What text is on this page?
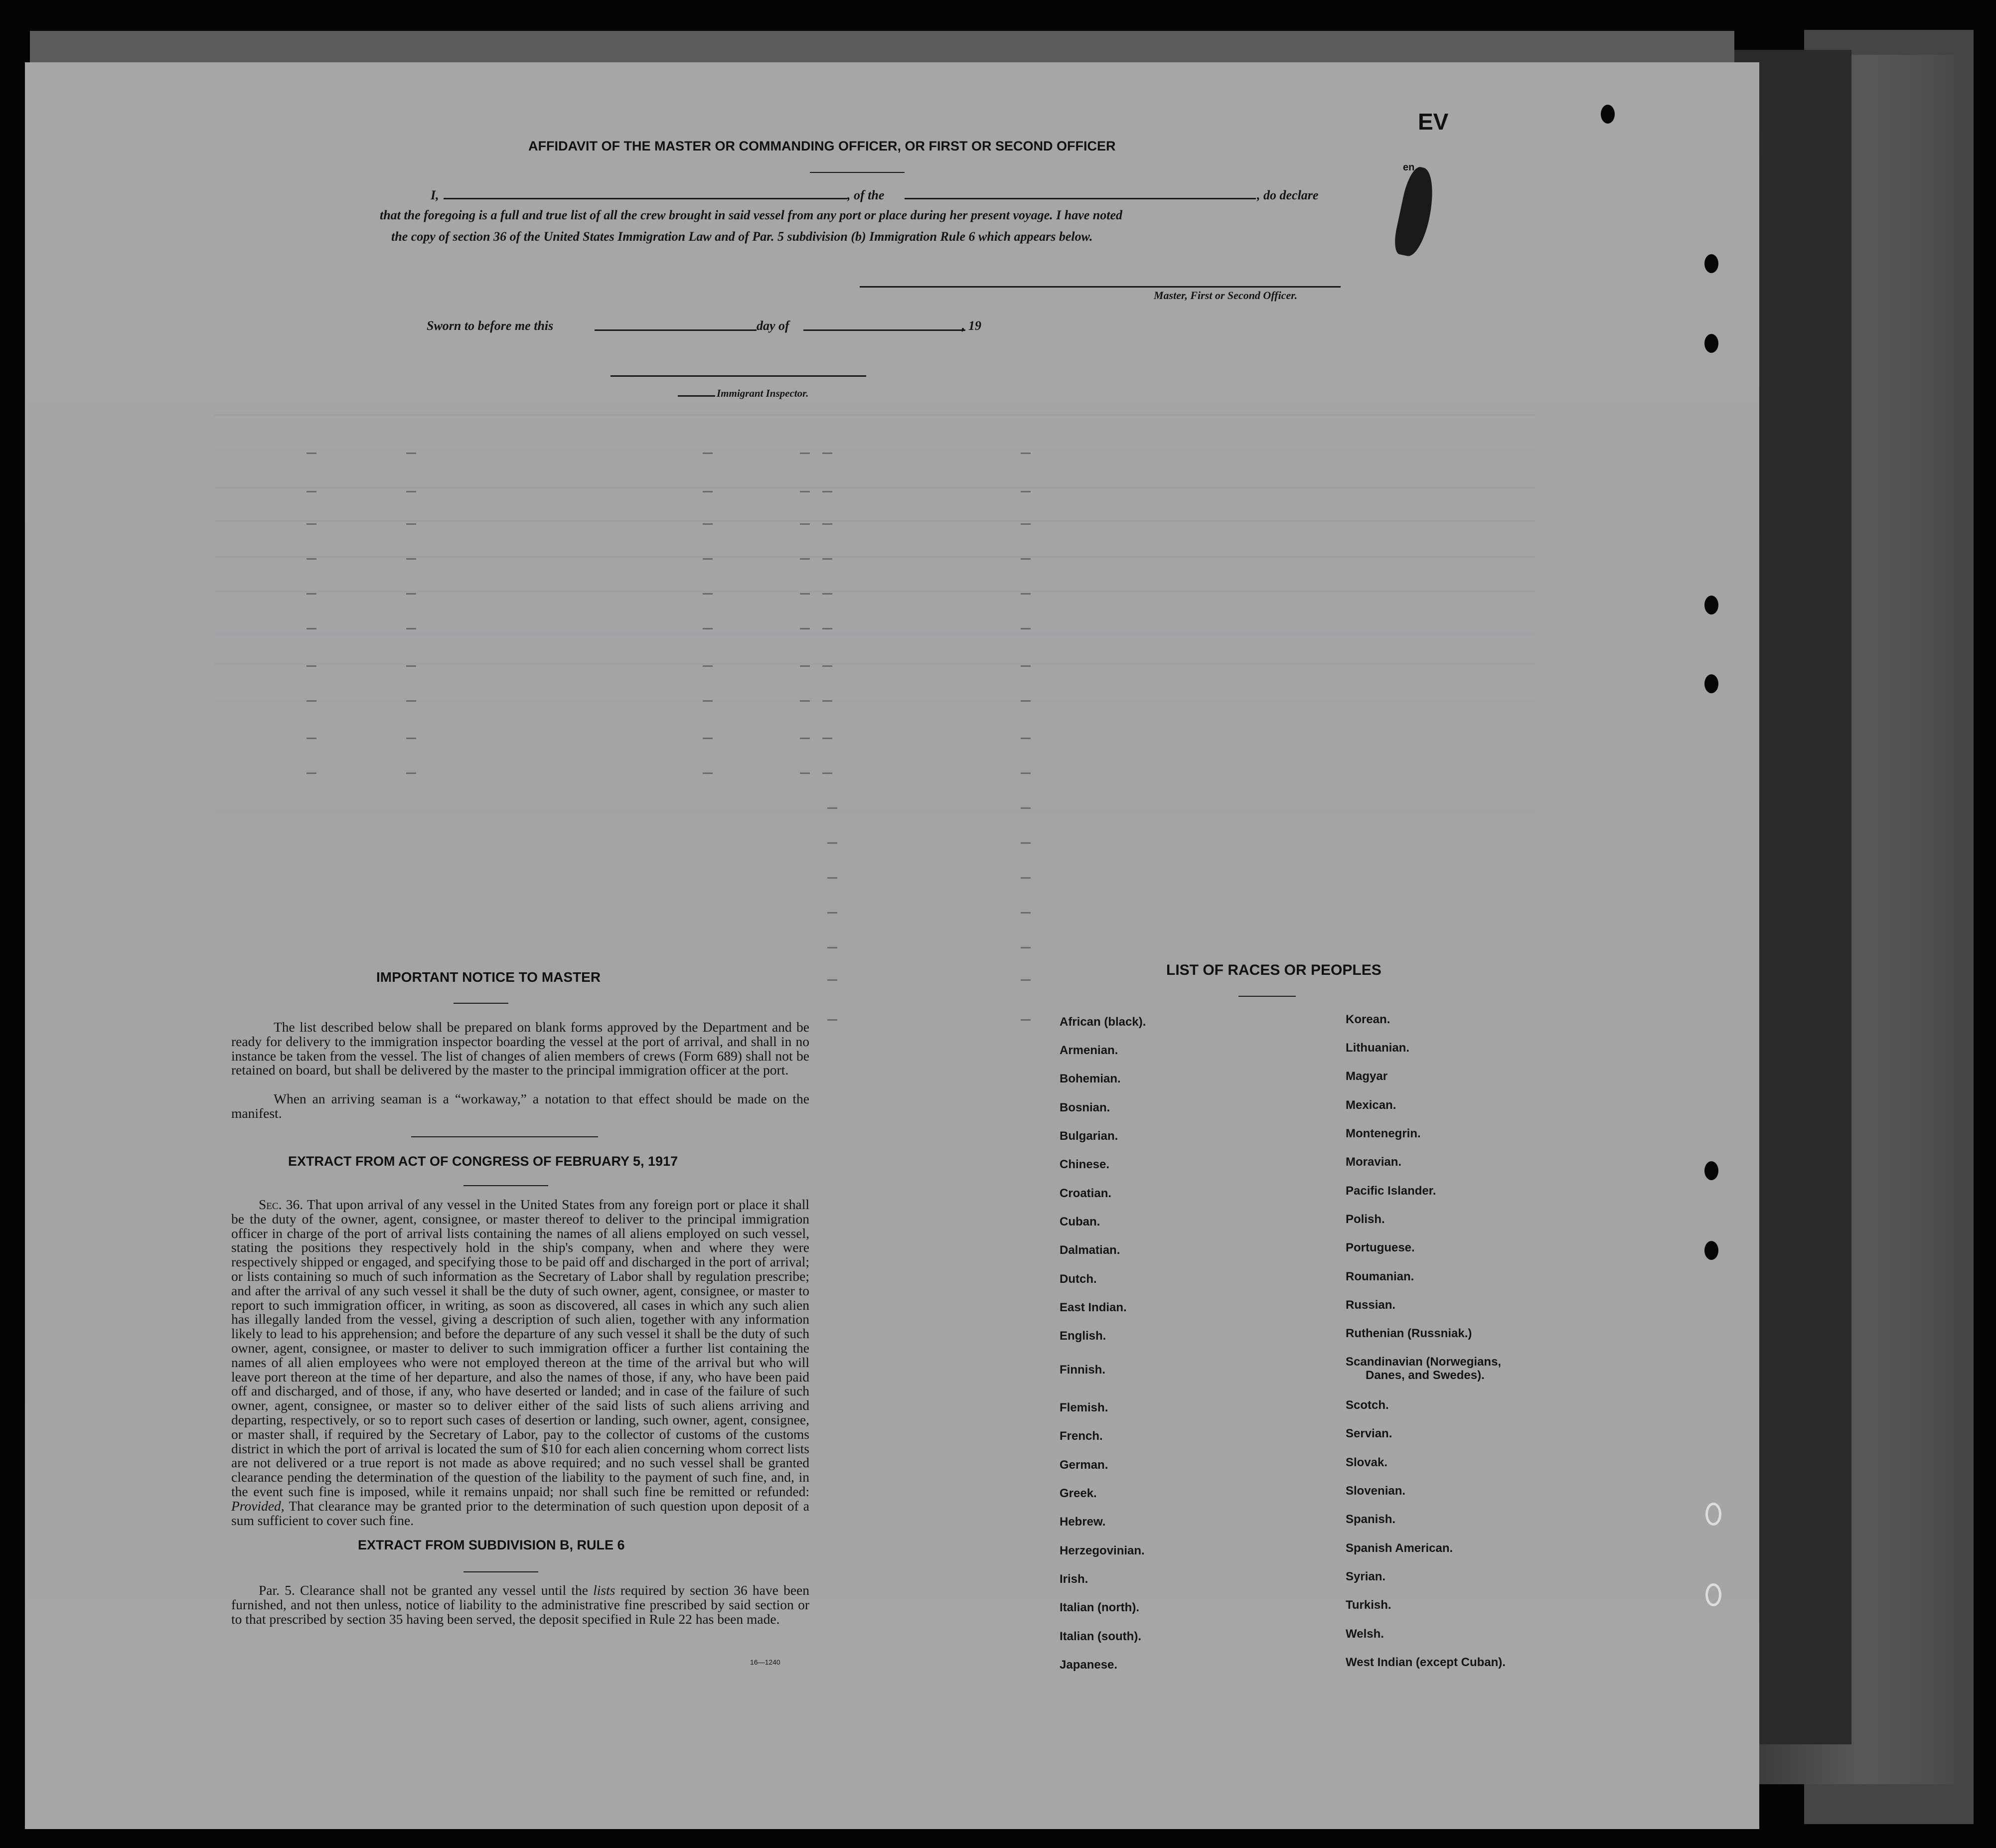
AFFIDAVIT OF THE MASTER OR COMMANDING OFFICER, OR FIRST OR SECOND OFFICER
I,	, of the	, do declare
that the foregoing is a full and true list of all the crew brought in said vessel from any port or place during her present voyage. I have noted
the copy of section 36 of the United States Immigration Law and of Par. 5 subdivision (b) Immigration Rule 6 which appears below.
Master, First or Second Officer.
Sworn to before me this	day of	, 19
Immigrant Inspector.
EV
en
IMPORTANT NOTICE TO MASTER
The list described below shall be prepared on blank forms approved by the Department and be ready for delivery to the immigration inspector boarding the vessel at the port of arrival, and shall in no instance be taken from the vessel. The list of changes of alien members of crews (Form 689) shall not be retained on board, but shall be delivered by the master to the principal immigration officer at the port.
When an arriving seaman is a “workaway,” a notation to that effect should be made on the manifest.
EXTRACT FROM ACT OF CONGRESS OF FEBRUARY 5, 1917
Sec. 36. That upon arrival of any vessel in the United States from any foreign port or place it shall be the duty of the owner, agent, consignee, or master thereof to deliver to the principal immigration officer in charge of the port of arrival lists containing the names of all aliens employed on such vessel, stating the positions they respectively hold in the ship's company, when and where they were respectively shipped or engaged, and specifying those to be paid off and discharged in the port of arrival; or lists containing so much of such information as the Secretary of Labor shall by regulation prescribe; and after the arrival of any such vessel it shall be the duty of such owner, agent, consignee, or master to report to such immigration officer, in writing, as soon as discovered, all cases in which any such alien has illegally landed from the vessel, giving a description of such alien, together with any information likely to lead to his apprehension; and before the departure of any such vessel it shall be the duty of such owner, agent, consignee, or master to deliver to such immigration officer a further list containing the names of all alien employees who were not employed thereon at the time of the arrival but who will leave port thereon at the time of her departure, and also the names of those, if any, who have been paid off and discharged, and of those, if any, who have deserted or landed; and in case of the failure of such owner, agent, consignee, or master so to deliver either of the said lists of such aliens arriving and departing, respectively, or so to report such cases of desertion or landing, such owner, agent, consignee, or master shall, if required by the Secretary of Labor, pay to the collector of customs of the customs district in which the port of arrival is located the sum of $10 for each alien concerning whom correct lists are not delivered or a true report is not made as above required; and no such vessel shall be granted clearance pending the determination of the question of the liability to the payment of such fine, and, in the event such fine is imposed, while it remains unpaid; nor shall such fine be remitted or refunded: Provided, That clearance may be granted prior to the determination of such question upon deposit of a sum sufficient to cover such fine.
EXTRACT FROM SUBDIVISION B, RULE 6
Par. 5. Clearance shall not be granted any vessel until the lists required by section 36 have been furnished, and not then unless, notice of liability to the administrative fine prescribed by said section or to that prescribed by section 35 having been served, the deposit specified in Rule 22 has been made.
16—1240
LIST OF RACES OR PEOPLES
African (black).
Armenian.
Bohemian.
Bosnian.
Bulgarian.
Chinese.
Croatian.
Cuban.
Dalmatian.
Dutch.
East Indian.
English.
Finnish.
Flemish.
French.
German.
Greek.
Hebrew.
Herzegovinian.
Irish.
Italian (north).
Italian (south).
Japanese.
Korean.
Lithuanian.
Magyar
Mexican.
Montenegrin.
Moravian.
Pacific Islander.
Polish.
Portuguese.
Roumanian.
Russian.
Ruthenian (Russniak.)
Scandinavian (Norwegians,
Danes, and Swedes).
Scotch.
Servian.
Slovak.
Slovenian.
Spanish.
Spanish American.
Syrian.
Turkish.
Welsh.
West Indian (except Cuban).
